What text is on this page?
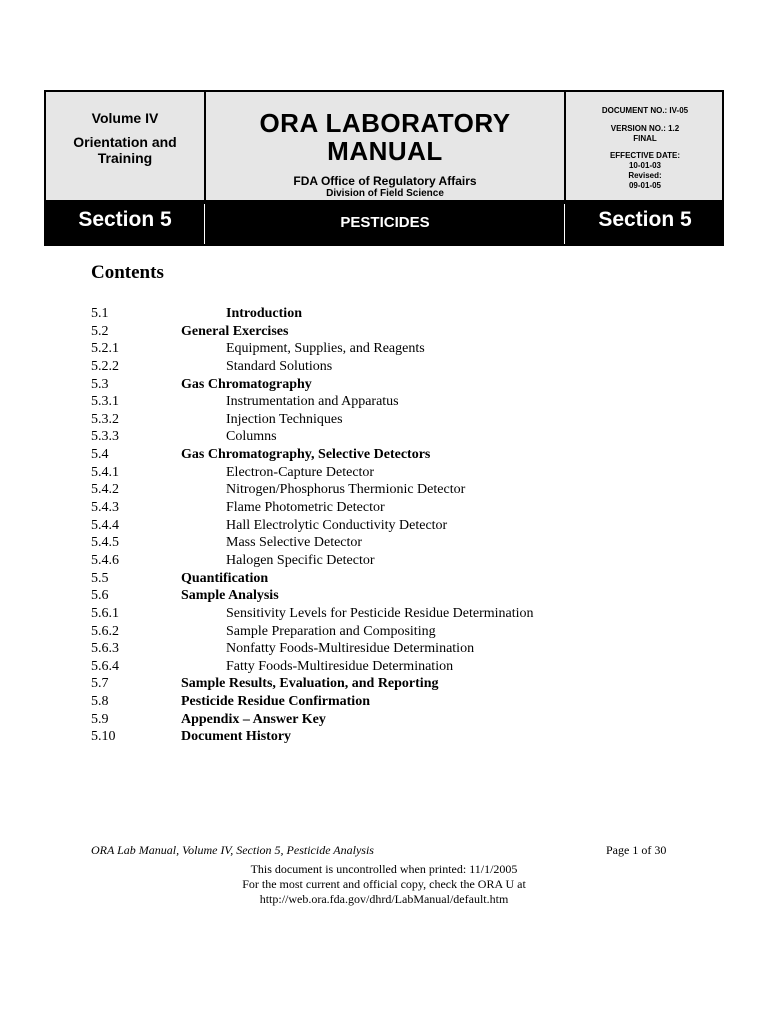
Volume IV
Orientation and
Training
ORA LABORATORY
MANUAL
FDA Office of Regulatory Affairs
Division of Field Science
DOCUMENT NO.: IV-05
VERSION NO.: 1.2
FINAL
EFFECTIVE DATE:
10-01-03
Revised:
09-01-05
Section 5	PESTICIDES	Section 5
Contents
5.1	Introduction
5.2	General Exercises
5.2.1	Equipment, Supplies, and Reagents
5.2.2	Standard Solutions
5.3	Gas Chromatography
5.3.1	Instrumentation and Apparatus
5.3.2	Injection Techniques
5.3.3	Columns
5.4	Gas Chromatography, Selective Detectors
5.4.1	Electron-Capture Detector
5.4.2	Nitrogen/Phosphorus Thermionic Detector
5.4.3	Flame Photometric Detector
5.4.4	Hall Electrolytic Conductivity Detector
5.4.5	Mass Selective Detector
5.4.6	Halogen Specific Detector
5.5	Quantification
5.6	Sample Analysis
5.6.1	Sensitivity Levels for Pesticide Residue Determination
5.6.2	Sample Preparation and Compositing
5.6.3	Nonfatty Foods-Multiresidue Determination
5.6.4	Fatty Foods-Multiresidue Determination
5.7	Sample Results, Evaluation, and Reporting
5.8	Pesticide Residue Confirmation
5.9	Appendix – Answer Key
5.10	Document History
ORA Lab Manual, Volume IV, Section 5, Pesticide Analysis	Page 1 of 30
This document is uncontrolled when printed: 11/1/2005
For the most current and official copy, check the ORA U at
http://web.ora.fda.gov/dhrd/LabManual/default.htm
